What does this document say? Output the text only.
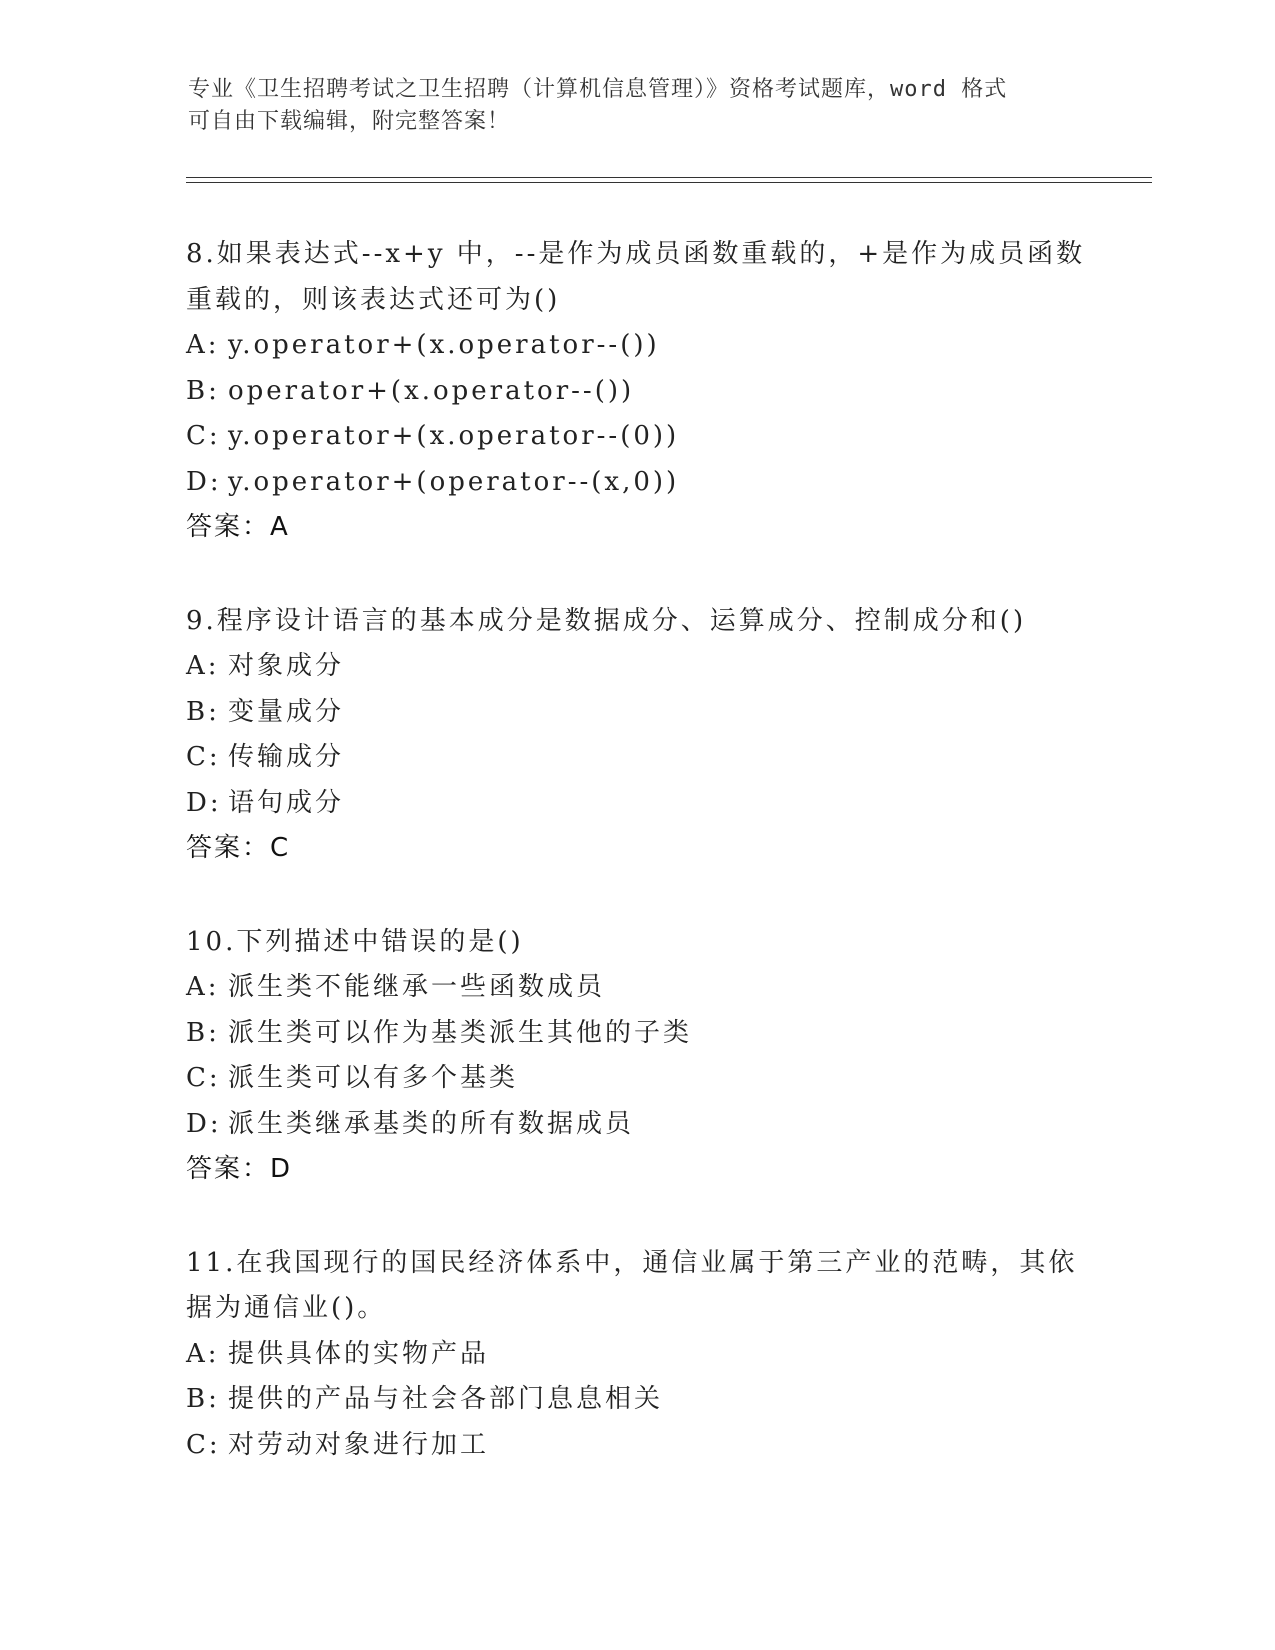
专业《卫生招聘考试之卫生招聘（计算机信息管理）》资格考试题库，word 格式
可自由下载编辑，附完整答案！
8.如果表达式--x+y 中，--是作为成员函数重载的，+是作为成员函数
重载的，则该表达式还可为()
A: y.operator+(x.operator--())
B: operator+(x.operator--())
C: y.operator+(x.operator--(0))
D: y.operator+(operator--(x,0))
答案：A
9.程序设计语言的基本成分是数据成分、运算成分、控制成分和()
A: 对象成分
B: 变量成分
C: 传输成分
D: 语句成分
答案：C
10.下列描述中错误的是()
A: 派生类不能继承一些函数成员
B: 派生类可以作为基类派生其他的子类
C: 派生类可以有多个基类
D: 派生类继承基类的所有数据成员
答案：D
11.在我国现行的国民经济体系中，通信业属于第三产业的范畴，其依
据为通信业()。
A: 提供具体的实物产品
B: 提供的产品与社会各部门息息相关
C: 对劳动对象进行加工
